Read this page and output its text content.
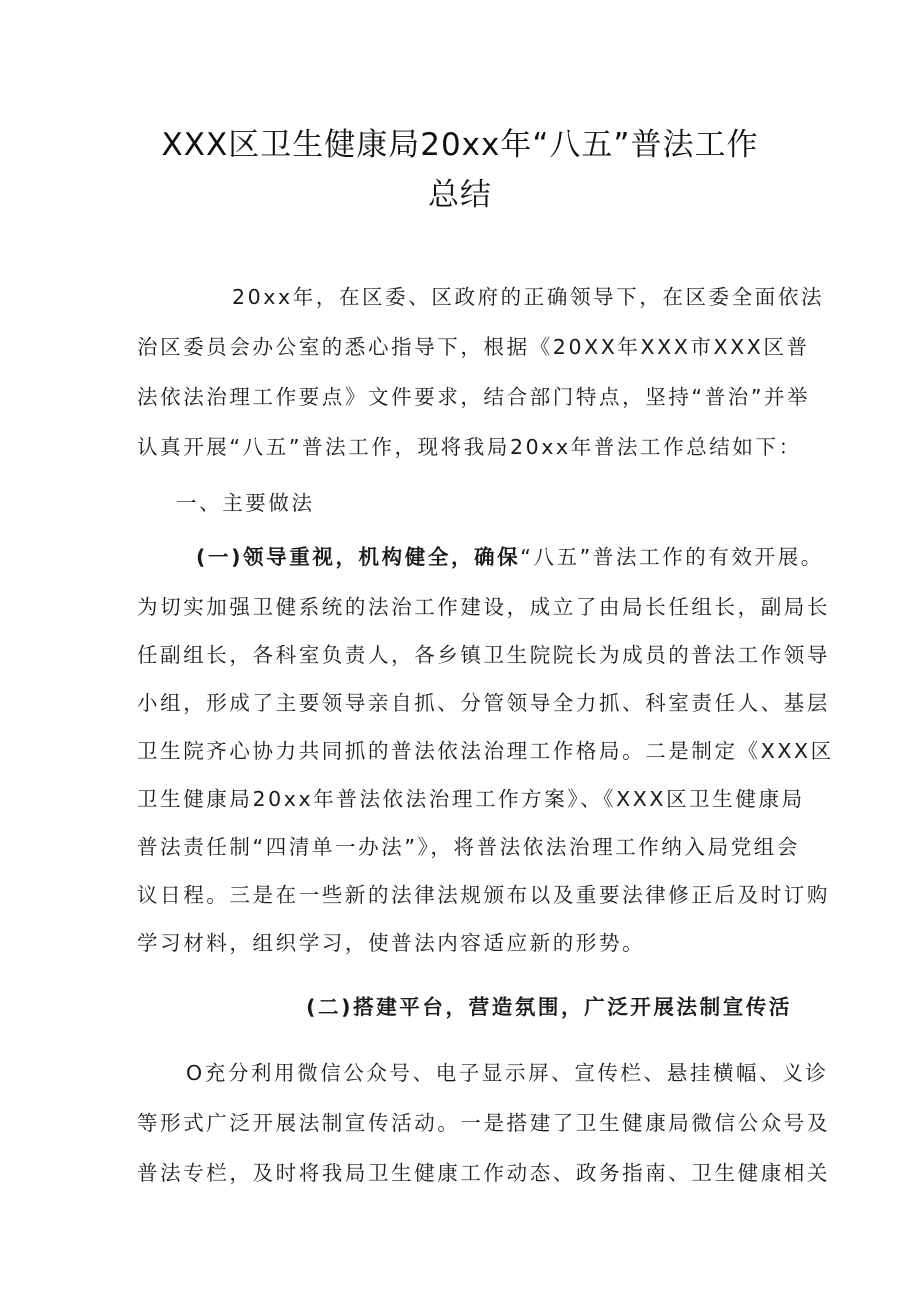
XXX区卫生健康局20xx年“八五”普法工作
总结
20xx年，在区委、区政府的正确领导下，在区委全面依法
治区委员会办公室的悉心指导下，根据《20XX年XXX市XXX区普
法依法治理工作要点》文件要求，结合部门特点，坚持“普治”并举
认真开展“八五”普法工作，现将我局20xx年普法工作总结如下：
一、主要做法
(一)领导重视，机构健全，确保“八五”普法工作的有效开展。
为切实加强卫健系统的法治工作建设，成立了由局长任组长，副局长
任副组长，各科室负责人，各乡镇卫生院院长为成员的普法工作领导
小组，形成了主要领导亲自抓、分管领导全力抓、科室责任人、基层
卫生院齐心协力共同抓的普法依法治理工作格局。二是制定《XXX区
卫生健康局20xx年普法依法治理工作方案》、《XXX区卫生健康局
普法责任制“四清单一办法”》，将普法依法治理工作纳入局党组会
议日程。三是在一些新的法律法规颁布以及重要法律修正后及时订购
学习材料，组织学习，使普法内容适应新的形势。
(二)搭建平台，营造氛围，广泛开展法制宣传活
O充分利用微信公众号、电子显示屏、宣传栏、悬挂横幅、义诊
等形式广泛开展法制宣传活动。一是搭建了卫生健康局微信公众号及
普法专栏，及时将我局卫生健康工作动态、政务指南、卫生健康相关
